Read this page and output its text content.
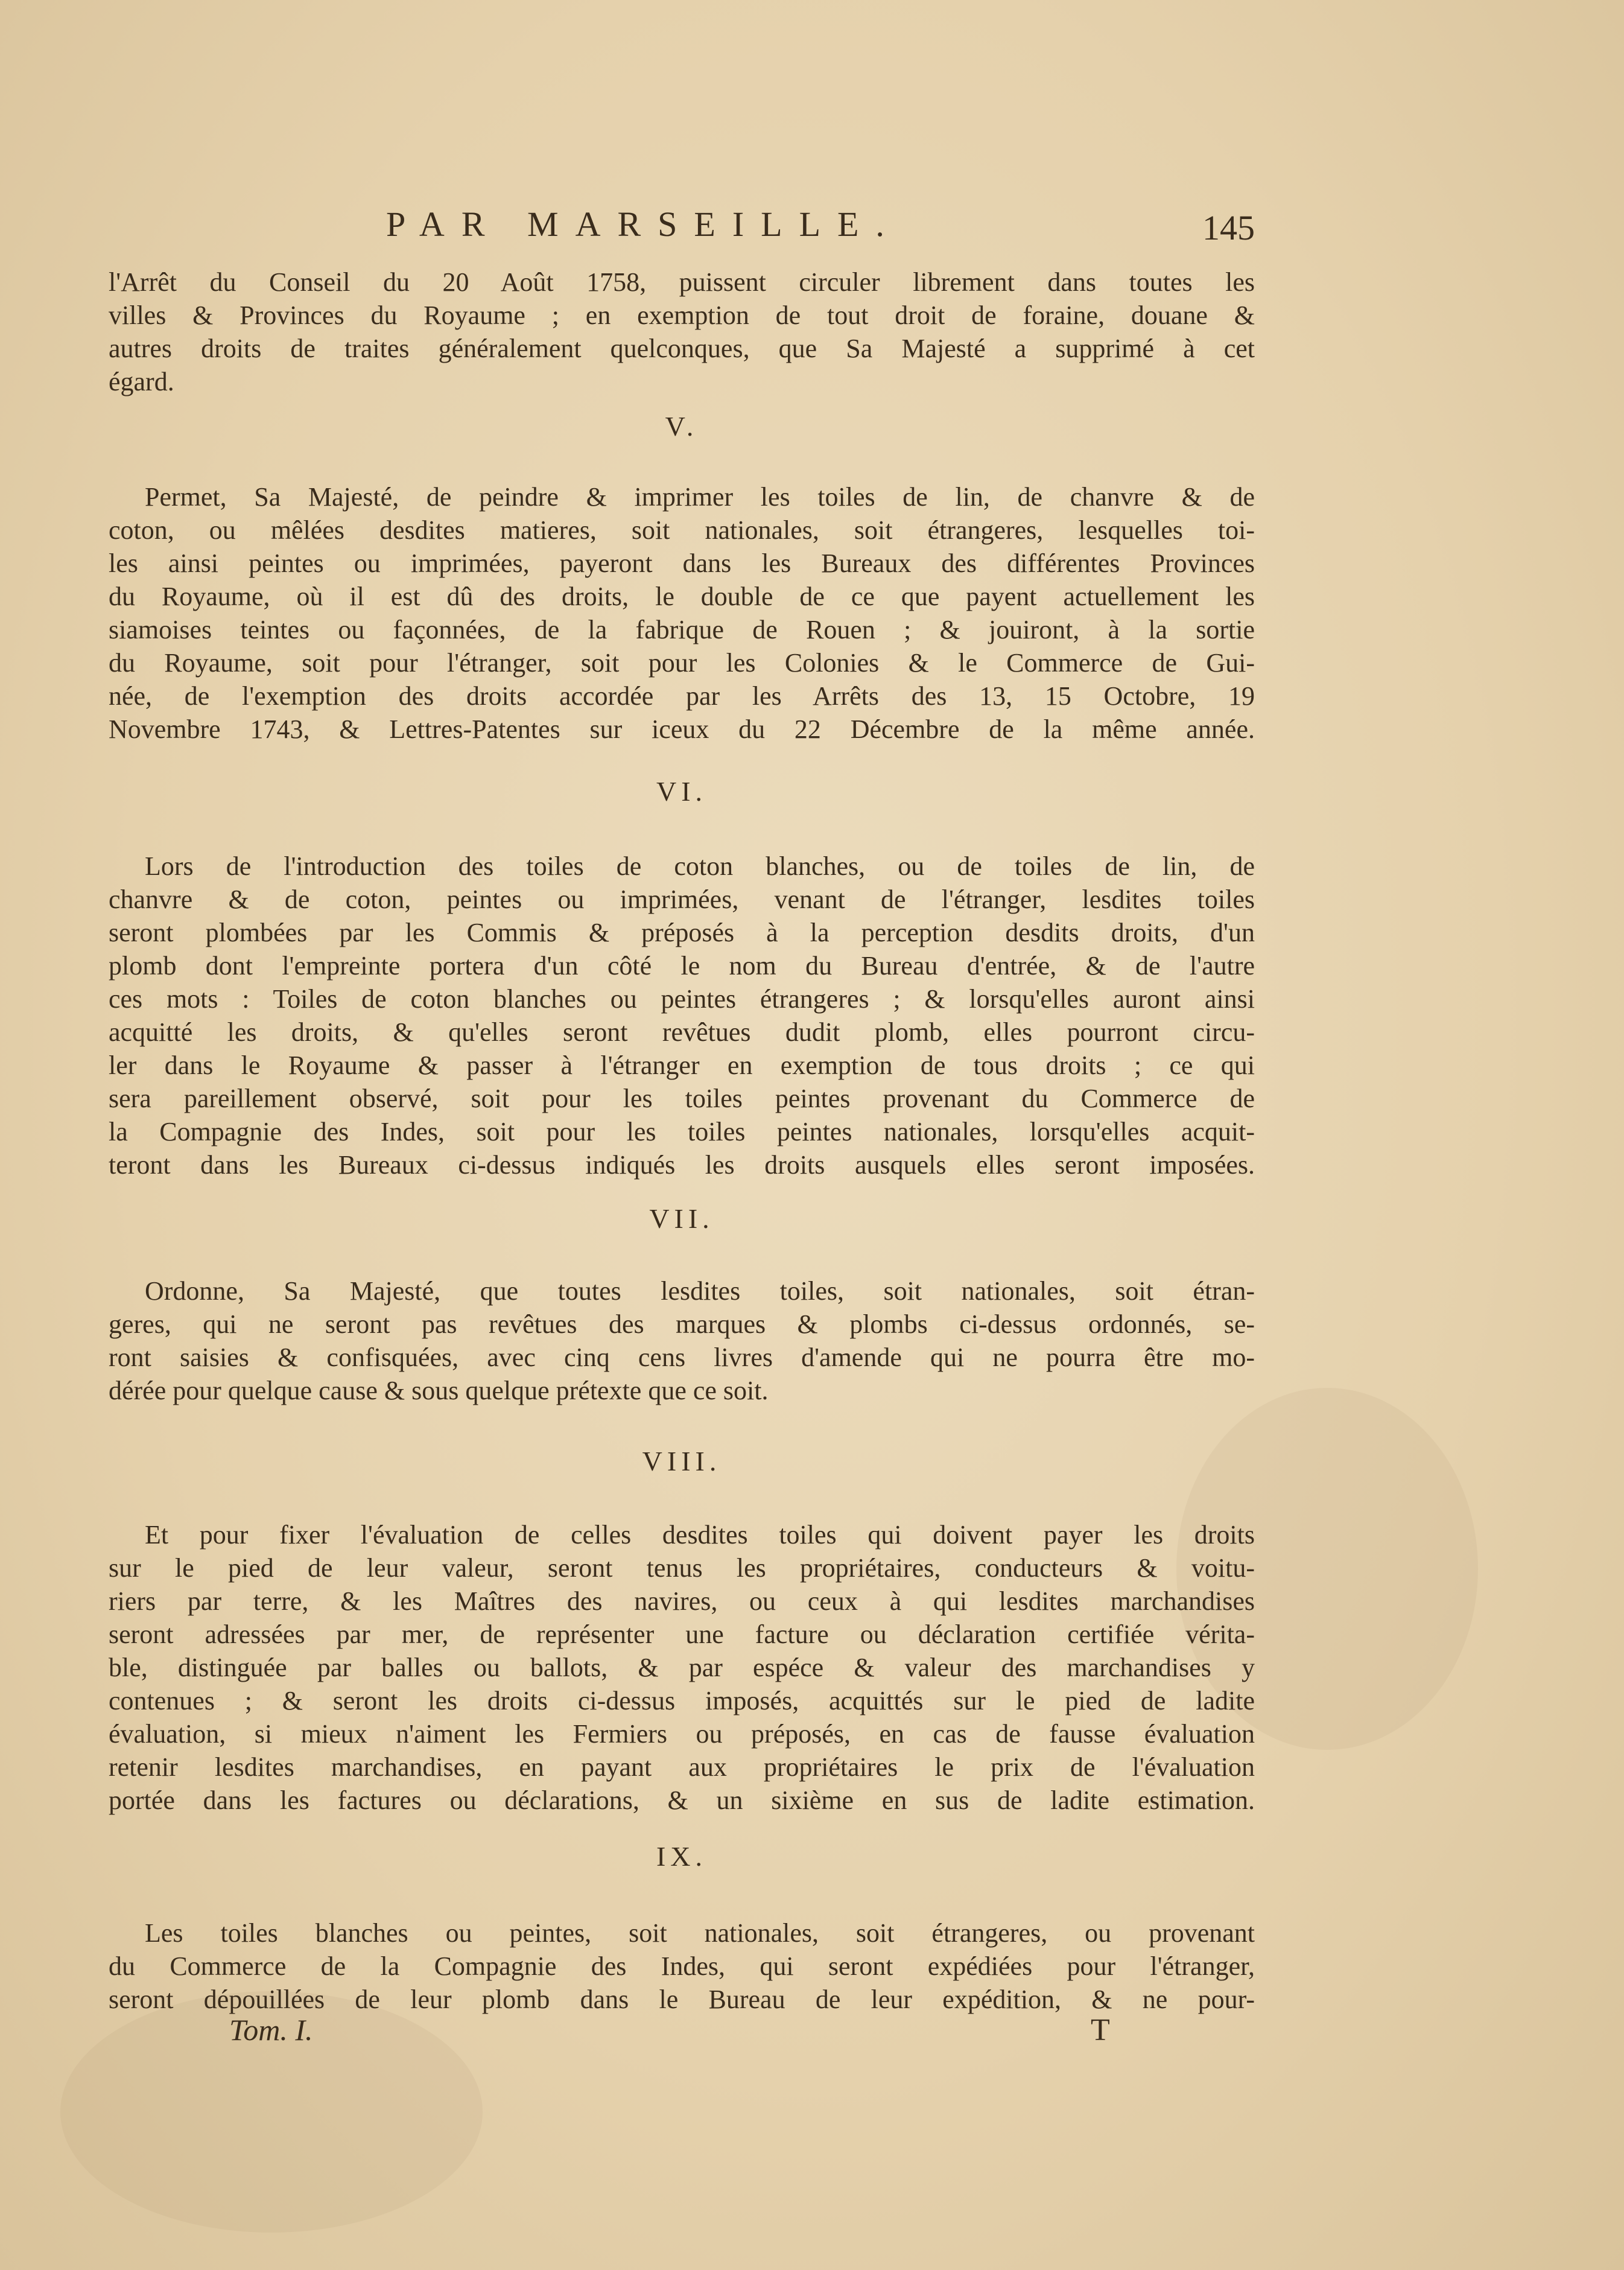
PAR MARSEILLE.	145

l'Arrêt du Conseil du 20 Août 1758, puissent circuler librement dans toutes les

villes & Provinces du Royaume ; en exemption de tout droit de foraine, douane &

autres droits de traites généralement quelconques, que Sa Majesté a supprimé à cet

égard.

V.

Permet, Sa Majesté, de peindre & imprimer les toiles de lin, de chanvre & de

coton, ou mêlées desdites matieres, soit nationales, soit étrangeres, lesquelles toi-

les ainsi peintes ou imprimées, payeront dans les Bureaux des différentes Provinces

du Royaume, où il est dû des droits, le double de ce que payent actuellement les

siamoises teintes ou façonnées, de la fabrique de Rouen ; & jouiront, à la sortie

du Royaume, soit pour l'étranger, soit pour les Colonies & le Commerce de Gui-

née, de l'exemption des droits accordée par les Arrêts des 13, 15 Octobre, 19

Novembre 1743, & Lettres-Patentes sur iceux du 22 Décembre de la même année.

VI.

Lors de l'introduction des toiles de coton blanches, ou de toiles de lin, de

chanvre & de coton, peintes ou imprimées, venant de l'étranger, lesdites toiles

seront plombées par les Commis & préposés à la perception desdits droits, d'un

plomb dont l'empreinte portera d'un côté le nom du Bureau d'entrée, & de l'autre

ces mots : Toiles de coton blanches ou peintes étrangeres ; & lorsqu'elles auront ainsi

acquitté les droits, & qu'elles seront revêtues dudit plomb, elles pourront circu-

ler dans le Royaume & passer à l'étranger en exemption de tous droits ; ce qui

sera pareillement observé, soit pour les toiles peintes provenant du Commerce de

la Compagnie des Indes, soit pour les toiles peintes nationales, lorsqu'elles acquit-

teront dans les Bureaux ci-dessus indiqués les droits ausquels elles seront imposées.

VII.

Ordonne, Sa Majesté, que toutes lesdites toiles, soit nationales, soit étran-

geres, qui ne seront pas revêtues des marques & plombs ci-dessus ordonnés, se-

ront saisies & confisquées, avec cinq cens livres d'amende qui ne pourra être mo-

dérée pour quelque cause & sous quelque prétexte que ce soit.

VIII.

Et pour fixer l'évaluation de celles desdites toiles qui doivent payer les droits

sur le pied de leur valeur, seront tenus les propriétaires, conducteurs & voitu-

riers par terre, & les Maîtres des navires, ou ceux à qui lesdites marchandises

seront adressées par mer, de représenter une facture ou déclaration certifiée vérita-

ble, distinguée par balles ou ballots, & par espéce & valeur des marchandises y

contenues ; & seront les droits ci-dessus imposés, acquittés sur le pied de ladite

évaluation, si mieux n'aiment les Fermiers ou préposés, en cas de fausse évaluation

retenir lesdites marchandises, en payant aux propriétaires le prix de l'évaluation

portée dans les factures ou déclarations, & un sixième en sus de ladite estimation.

IX.

Les toiles blanches ou peintes, soit nationales, soit étrangeres, ou provenant

du Commerce de la Compagnie des Indes, qui seront expédiées pour l'étranger,

seront dépouillées de leur plomb dans le Bureau de leur expédition, & ne pour-

Tom. I.	T
